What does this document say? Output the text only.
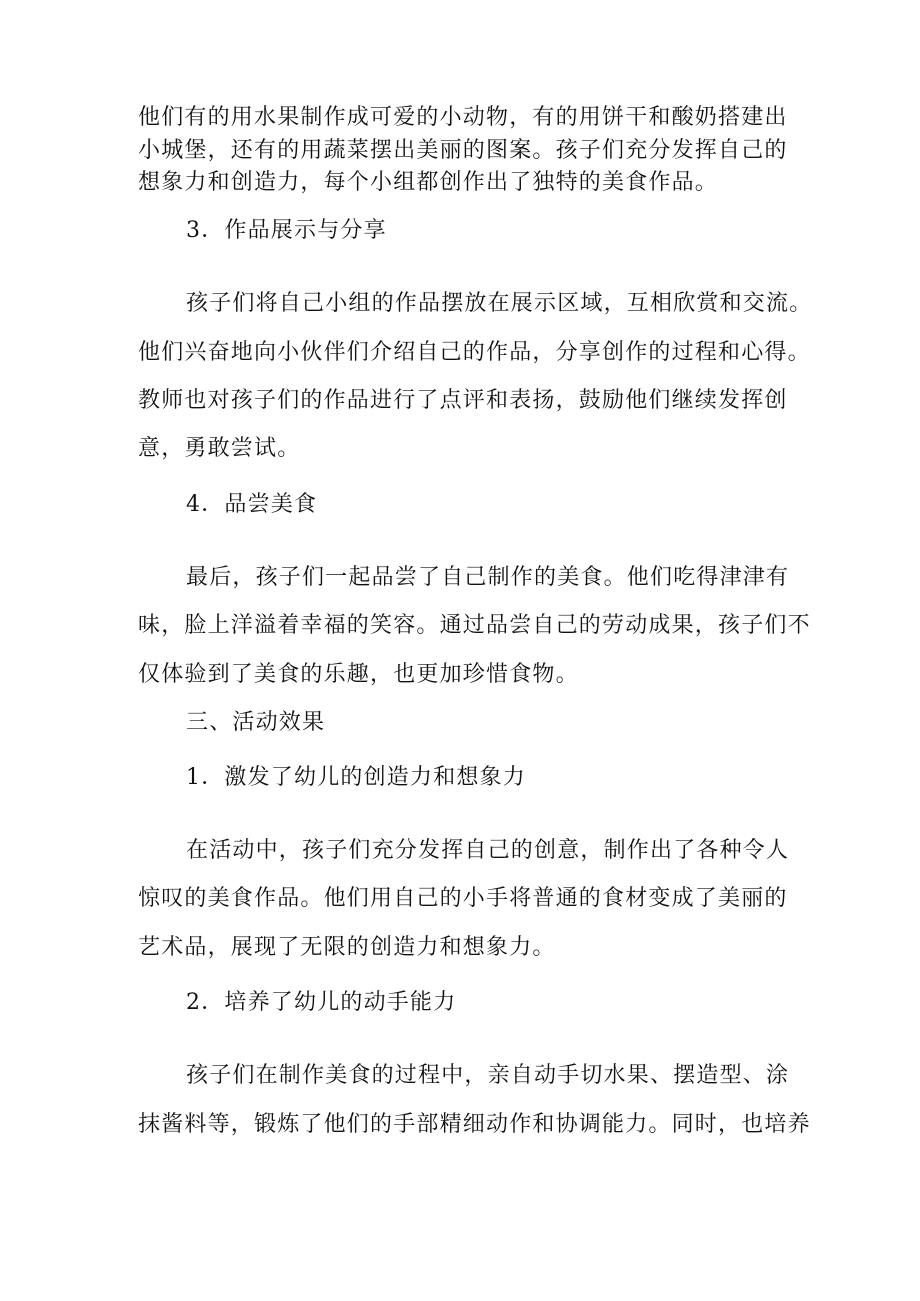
他们有的用水果制作成可爱的小动物，有的用饼干和酸奶搭建出
小城堡，还有的用蔬菜摆出美丽的图案。孩子们充分发挥自己的
想象力和创造力，每个小组都创作出了独特的美食作品。
3．作品展示与分享
孩子们将自己小组的作品摆放在展示区域，互相欣赏和交流。
他们兴奋地向小伙伴们介绍自己的作品，分享创作的过程和心得。
教师也对孩子们的作品进行了点评和表扬，鼓励他们继续发挥创
意，勇敢尝试。
4．品尝美食
最后，孩子们一起品尝了自己制作的美食。他们吃得津津有
味，脸上洋溢着幸福的笑容。通过品尝自己的劳动成果，孩子们不
仅体验到了美食的乐趣，也更加珍惜食物。
三、活动效果
1．激发了幼儿的创造力和想象力
在活动中，孩子们充分发挥自己的创意，制作出了各种令人
惊叹的美食作品。他们用自己的小手将普通的食材变成了美丽的
艺术品，展现了无限的创造力和想象力。
2．培养了幼儿的动手能力
孩子们在制作美食的过程中，亲自动手切水果、摆造型、涂
抹酱料等，锻炼了他们的手部精细动作和协调能力。同时，也培养
